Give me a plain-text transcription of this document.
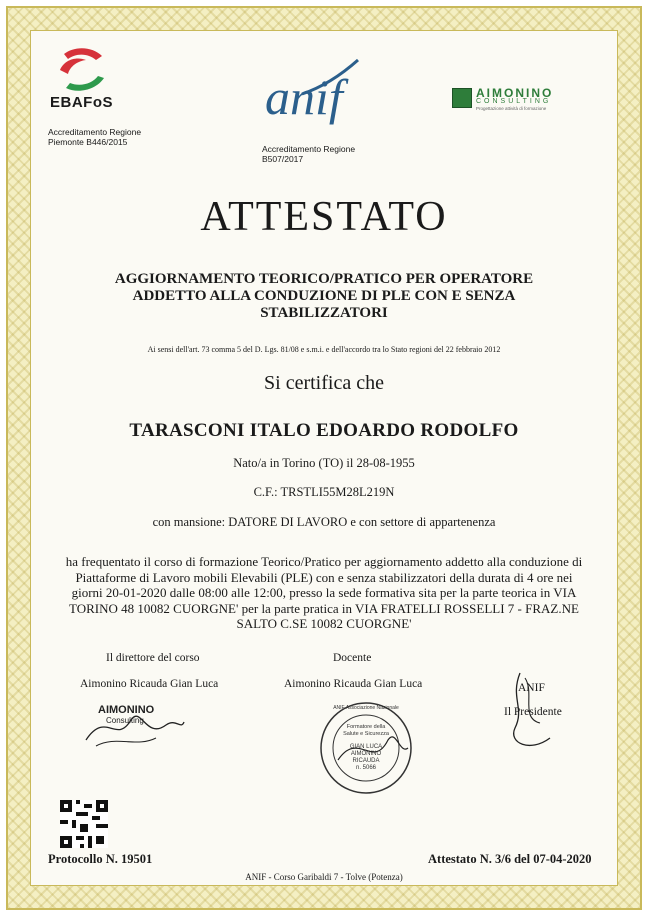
EBAFoS
Accreditamento Regione
Piemonte B446/2015
anif
Accreditamento Regione
B507/2017
AIMONINO
CONSULTING
Progettazione attività di formazione
ATTESTATO
AGGIORNAMENTO TEORICO/PRATICO PER OPERATORE
ADDETTO ALLA CONDUZIONE DI PLE CON E SENZA
STABILIZZATORI
Ai sensi dell'art. 73 comma 5 del D. Lgs. 81/08 e s.m.i. e dell'accordo tra lo Stato regioni del 22 febbraio 2012
Si certifica che
TARASCONI ITALO EDOARDO RODOLFO
Nato/a in Torino (TO) il 28-08-1955
C.F.: TRSTLI55M28L219N
con mansione: DATORE DI LAVORO e con settore di appartenenza
ha frequentato il corso di formazione Teorico/Pratico per aggiornamento addetto alla conduzione di
Piattaforme di Lavoro mobili Elevabili (PLE) con e senza stabilizzatori della durata di 4 ore nei
giorni 20-01-2020 dalle 08:00 alle 12:00, presso la sede formativa sita per la parte teorica in VIA
TORINO 48 10082 CUORGNE' per la parte pratica in VIA FRATELLI ROSSELLI 7 - FRAZ.NE
SALTO C.SE 10082 CUORGNE'
Il direttore del corso
Aimonino Ricauda Gian Luca
AIMONINO
Consulting
Docente
Aimonino Ricauda Gian Luca
ANIF Associazione Nazionale
Formatore della
Salute e Sicurezza
GIAN LUCA
AIMONINO
RICAUDA
n. 5066
ANIF
Il Presidente
Protocollo N. 19501	Attestato N. 3/6 del 07-04-2020
ANIF - Corso Garibaldi 7 - Tolve (Potenza)
